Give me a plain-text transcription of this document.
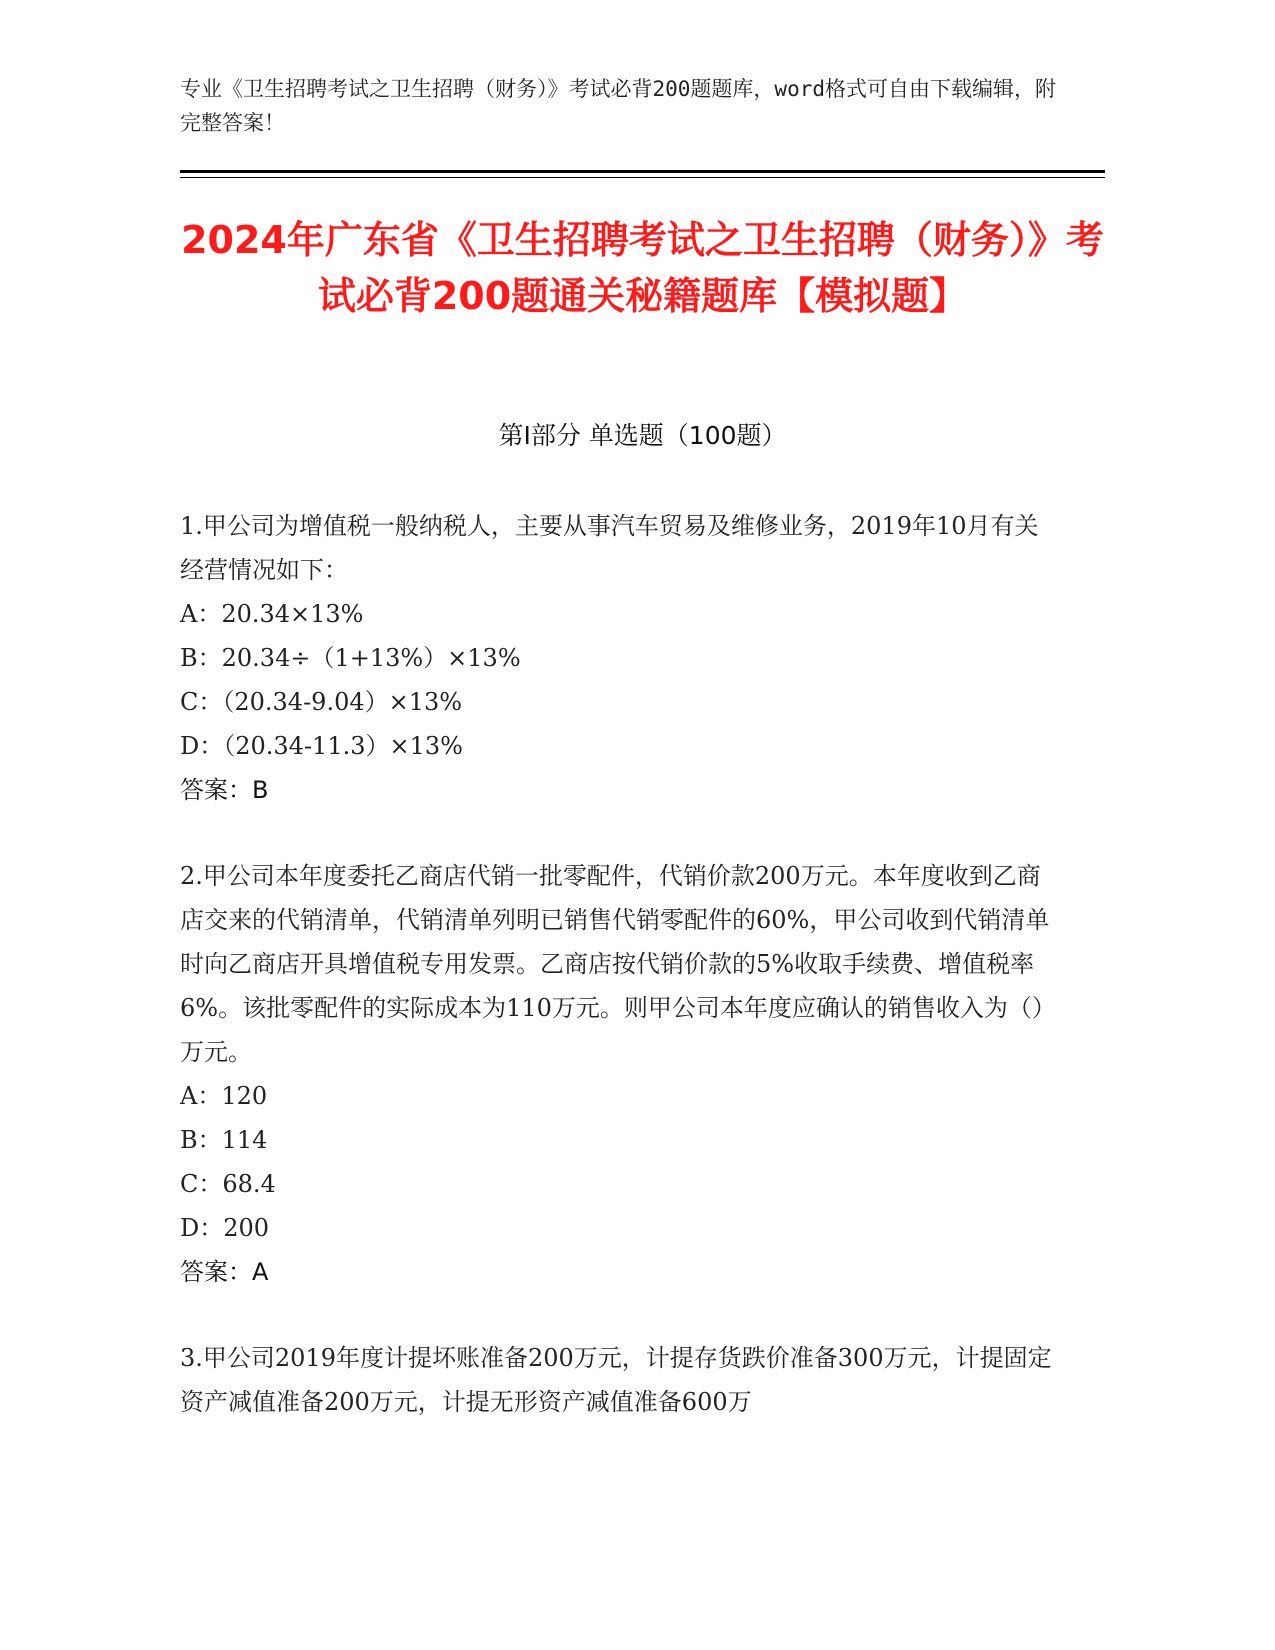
专业《卫生招聘考试之卫生招聘（财务）》考试必背200题题库，word格式可自由下载编辑，附完整答案！
2024年广东省《卫生招聘考试之卫生招聘（财务）》考试必背200题通关秘籍题库【模拟题】
第I部分 单选题（100题）

1.甲公司为增值税一般纳税人，主要从事汽车贸易及维修业务，2019年10月有关经营情况如下：

A：20.34×13%

B：20.34÷（1+13%）×13%

C：（20.34-9.04）×13%

D：（20.34-11.3）×13%

答案：B

2.甲公司本年度委托乙商店代销一批零配件，代销价款200万元。本年度收到乙商店交来的代销清单，代销清单列明已销售代销零配件的60%，甲公司收到代销清单时向乙商店开具增值税专用发票。乙商店按代销价款的5%收取手续费、增值税率6%。该批零配件的实际成本为110万元。则甲公司本年度应确认的销售收入为（）万元。

A：120

B：114

C：68.4

D：200

答案：A

3.甲公司2019年度计提坏账准备200万元，计提存货跌价准备300万元，计提固定资产减值准备200万元，计提无形资产减值准备600万
